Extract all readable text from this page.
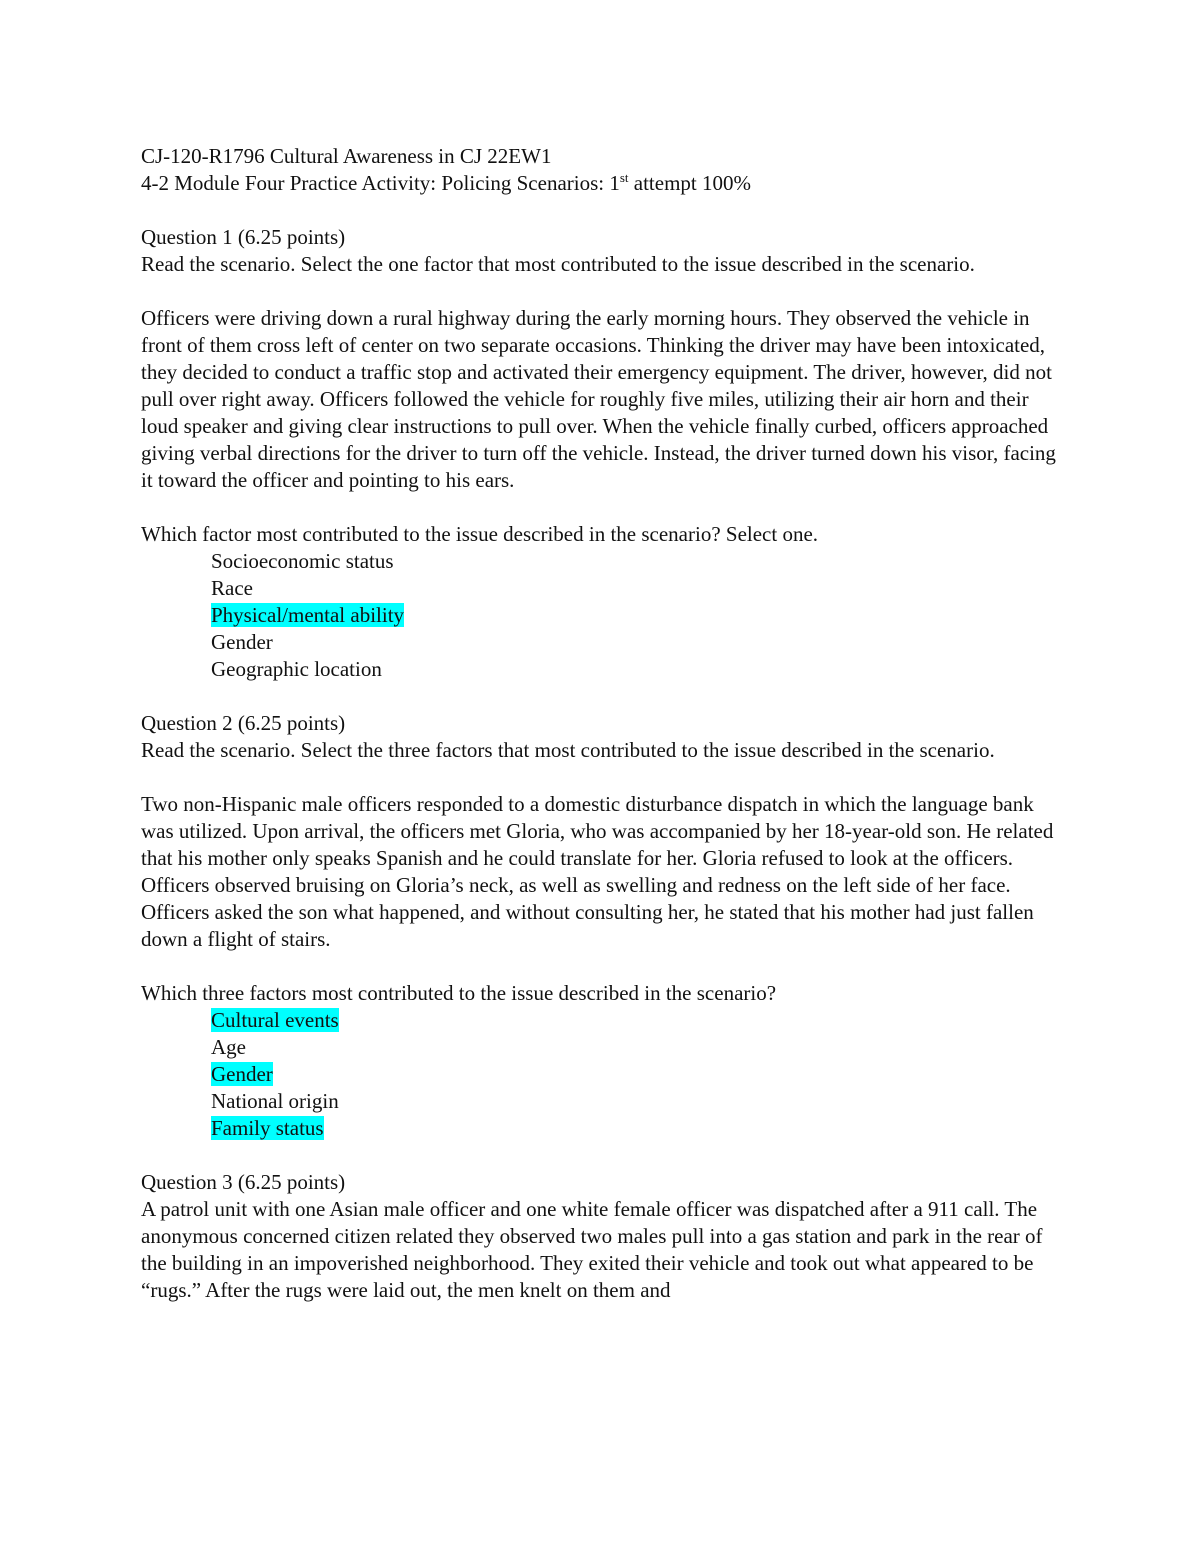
CJ-120-R1796 Cultural Awareness in CJ 22EW1
4-2 Module Four Practice Activity: Policing Scenarios: 1st attempt 100%
Question 1 (6.25 points)
Read the scenario. Select the one factor that most contributed to the issue described in the scenario.
Officers were driving down a rural highway during the early morning hours. They observed the vehicle in front of them cross left of center on two separate occasions. Thinking the driver may have been intoxicated, they decided to conduct a traffic stop and activated their emergency equipment. The driver, however, did not pull over right away. Officers followed the vehicle for roughly five miles, utilizing their air horn and their loud speaker and giving clear instructions to pull over. When the vehicle finally curbed, officers approached giving verbal directions for the driver to turn off the vehicle. Instead, the driver turned down his visor, facing it toward the officer and pointing to his ears.
Which factor most contributed to the issue described in the scenario? Select one.
Socioeconomic status
Race
Physical/mental ability
Gender
Geographic location
Question 2 (6.25 points)
Read the scenario. Select the three factors that most contributed to the issue described in the scenario.
Two non-Hispanic male officers responded to a domestic disturbance dispatch in which the language bank was utilized. Upon arrival, the officers met Gloria, who was accompanied by her 18-year-old son. He related that his mother only speaks Spanish and he could translate for her. Gloria refused to look at the officers. Officers observed bruising on Gloria’s neck, as well as swelling and redness on the left side of her face. Officers asked the son what happened, and without consulting her, he stated that his mother had just fallen down a flight of stairs.
Which three factors most contributed to the issue described in the scenario?
Cultural events
Age
Gender
National origin
Family status
Question 3 (6.25 points)
A patrol unit with one Asian male officer and one white female officer was dispatched after a 911 call. The anonymous concerned citizen related they observed two males pull into a gas station and park in the rear of the building in an impoverished neighborhood. They exited their vehicle and took out what appeared to be “rugs.” After the rugs were laid out, the men knelt on them and
